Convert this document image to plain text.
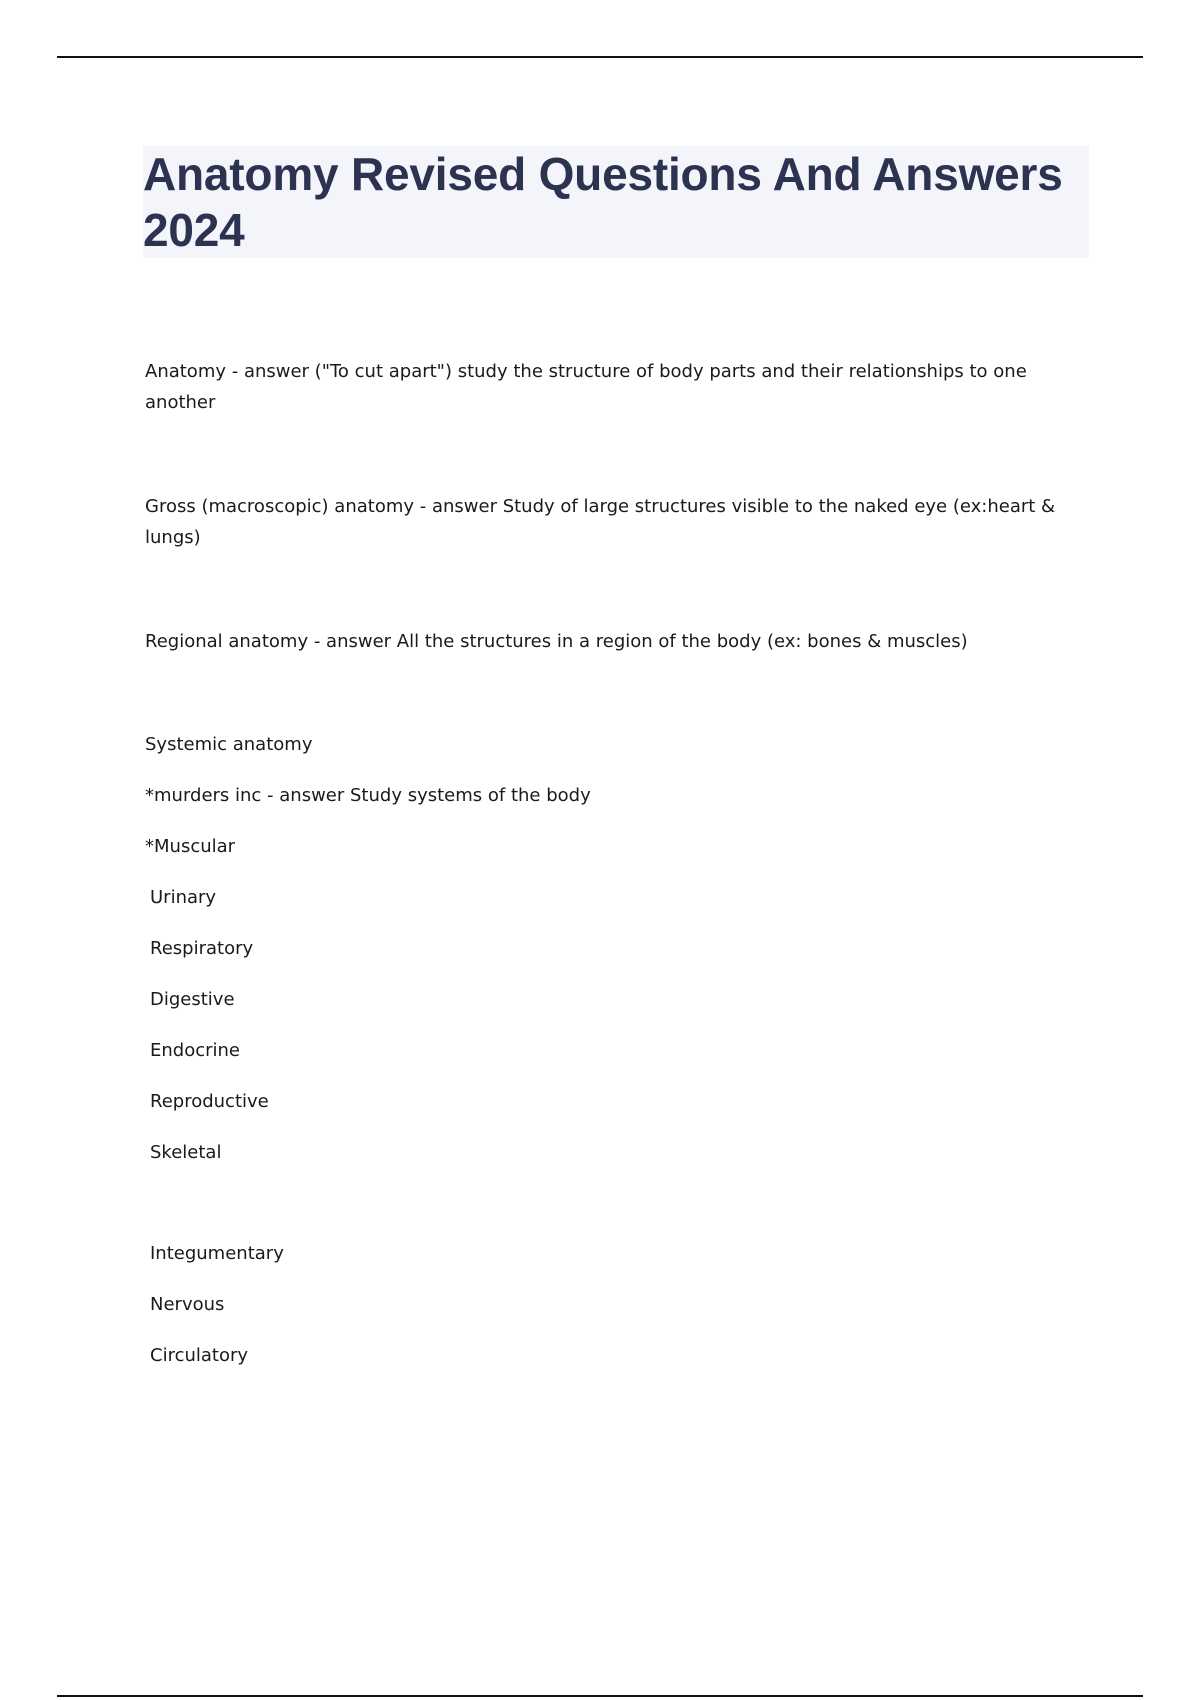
Anatomy Revised Questions And Answers 2024

Anatomy - answer ("To cut apart") study the structure of body parts and their relationships to one another

Gross (macroscopic) anatomy - answer Study of large structures visible to the naked eye (ex:heart & lungs)

Regional anatomy - answer All the structures in a region of the body (ex: bones & muscles)

Systemic anatomy

*murders inc - answer Study systems of the body

*Muscular

Urinary

Respiratory

Digestive

Endocrine

Reproductive

Skeletal

Integumentary

Nervous

Circulatory
